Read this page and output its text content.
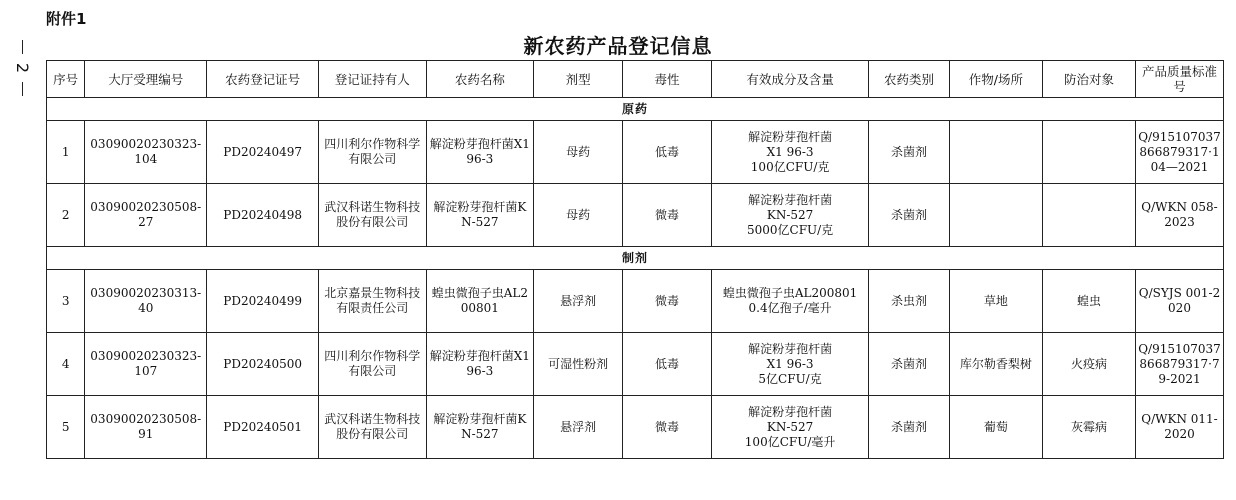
附件1
2
新农药产品登记信息
序号	大厅受理编号	农药登记证号	登记证持有人	农药名称	剂型	毒性	有效成分及含量	农药类别	作物/场所	防治对象	产品质量标准号
原药											
1	03090020230323-104	PD20240497	四川利尔作物科学有限公司	解淀粉芽孢杆菌X1 96-3	母药	低毒	解淀粉芽孢杆菌
X1 96-3
100亿CFU/克	杀菌剂			Q/915107037866879317·104—2021
2	03090020230508-27	PD20240498	武汉科诺生物科技股份有限公司	解淀粉芽孢杆菌KN-527	母药	微毒	解淀粉芽孢杆菌
KN-527
5000亿CFU/克	杀菌剂			Q/WKN 058-2023
制剂											
3	03090020230313-40	PD20240499	北京嘉景生物科技有限责任公司	蝗虫微孢子虫AL200801	悬浮剂	微毒	蝗虫微孢子虫AL200801
0.4亿孢子/毫升	杀虫剂	草地	蝗虫	Q/SYJS 001-2020
4	03090020230323-107	PD20240500	四川利尔作物科学有限公司	解淀粉芽孢杆菌X1 96-3	可湿性粉剂	低毒	解淀粉芽孢杆菌
X1 96-3
5亿CFU/克	杀菌剂	库尔勒香梨树	火疫病	Q/915107037866879317·79-2021
5	03090020230508-91	PD20240501	武汉科诺生物科技股份有限公司	解淀粉芽孢杆菌KN-527	悬浮剂	微毒	解淀粉芽孢杆菌
KN-527
100亿CFU/毫升	杀菌剂	葡萄	灰霉病	Q/WKN 011-2020
